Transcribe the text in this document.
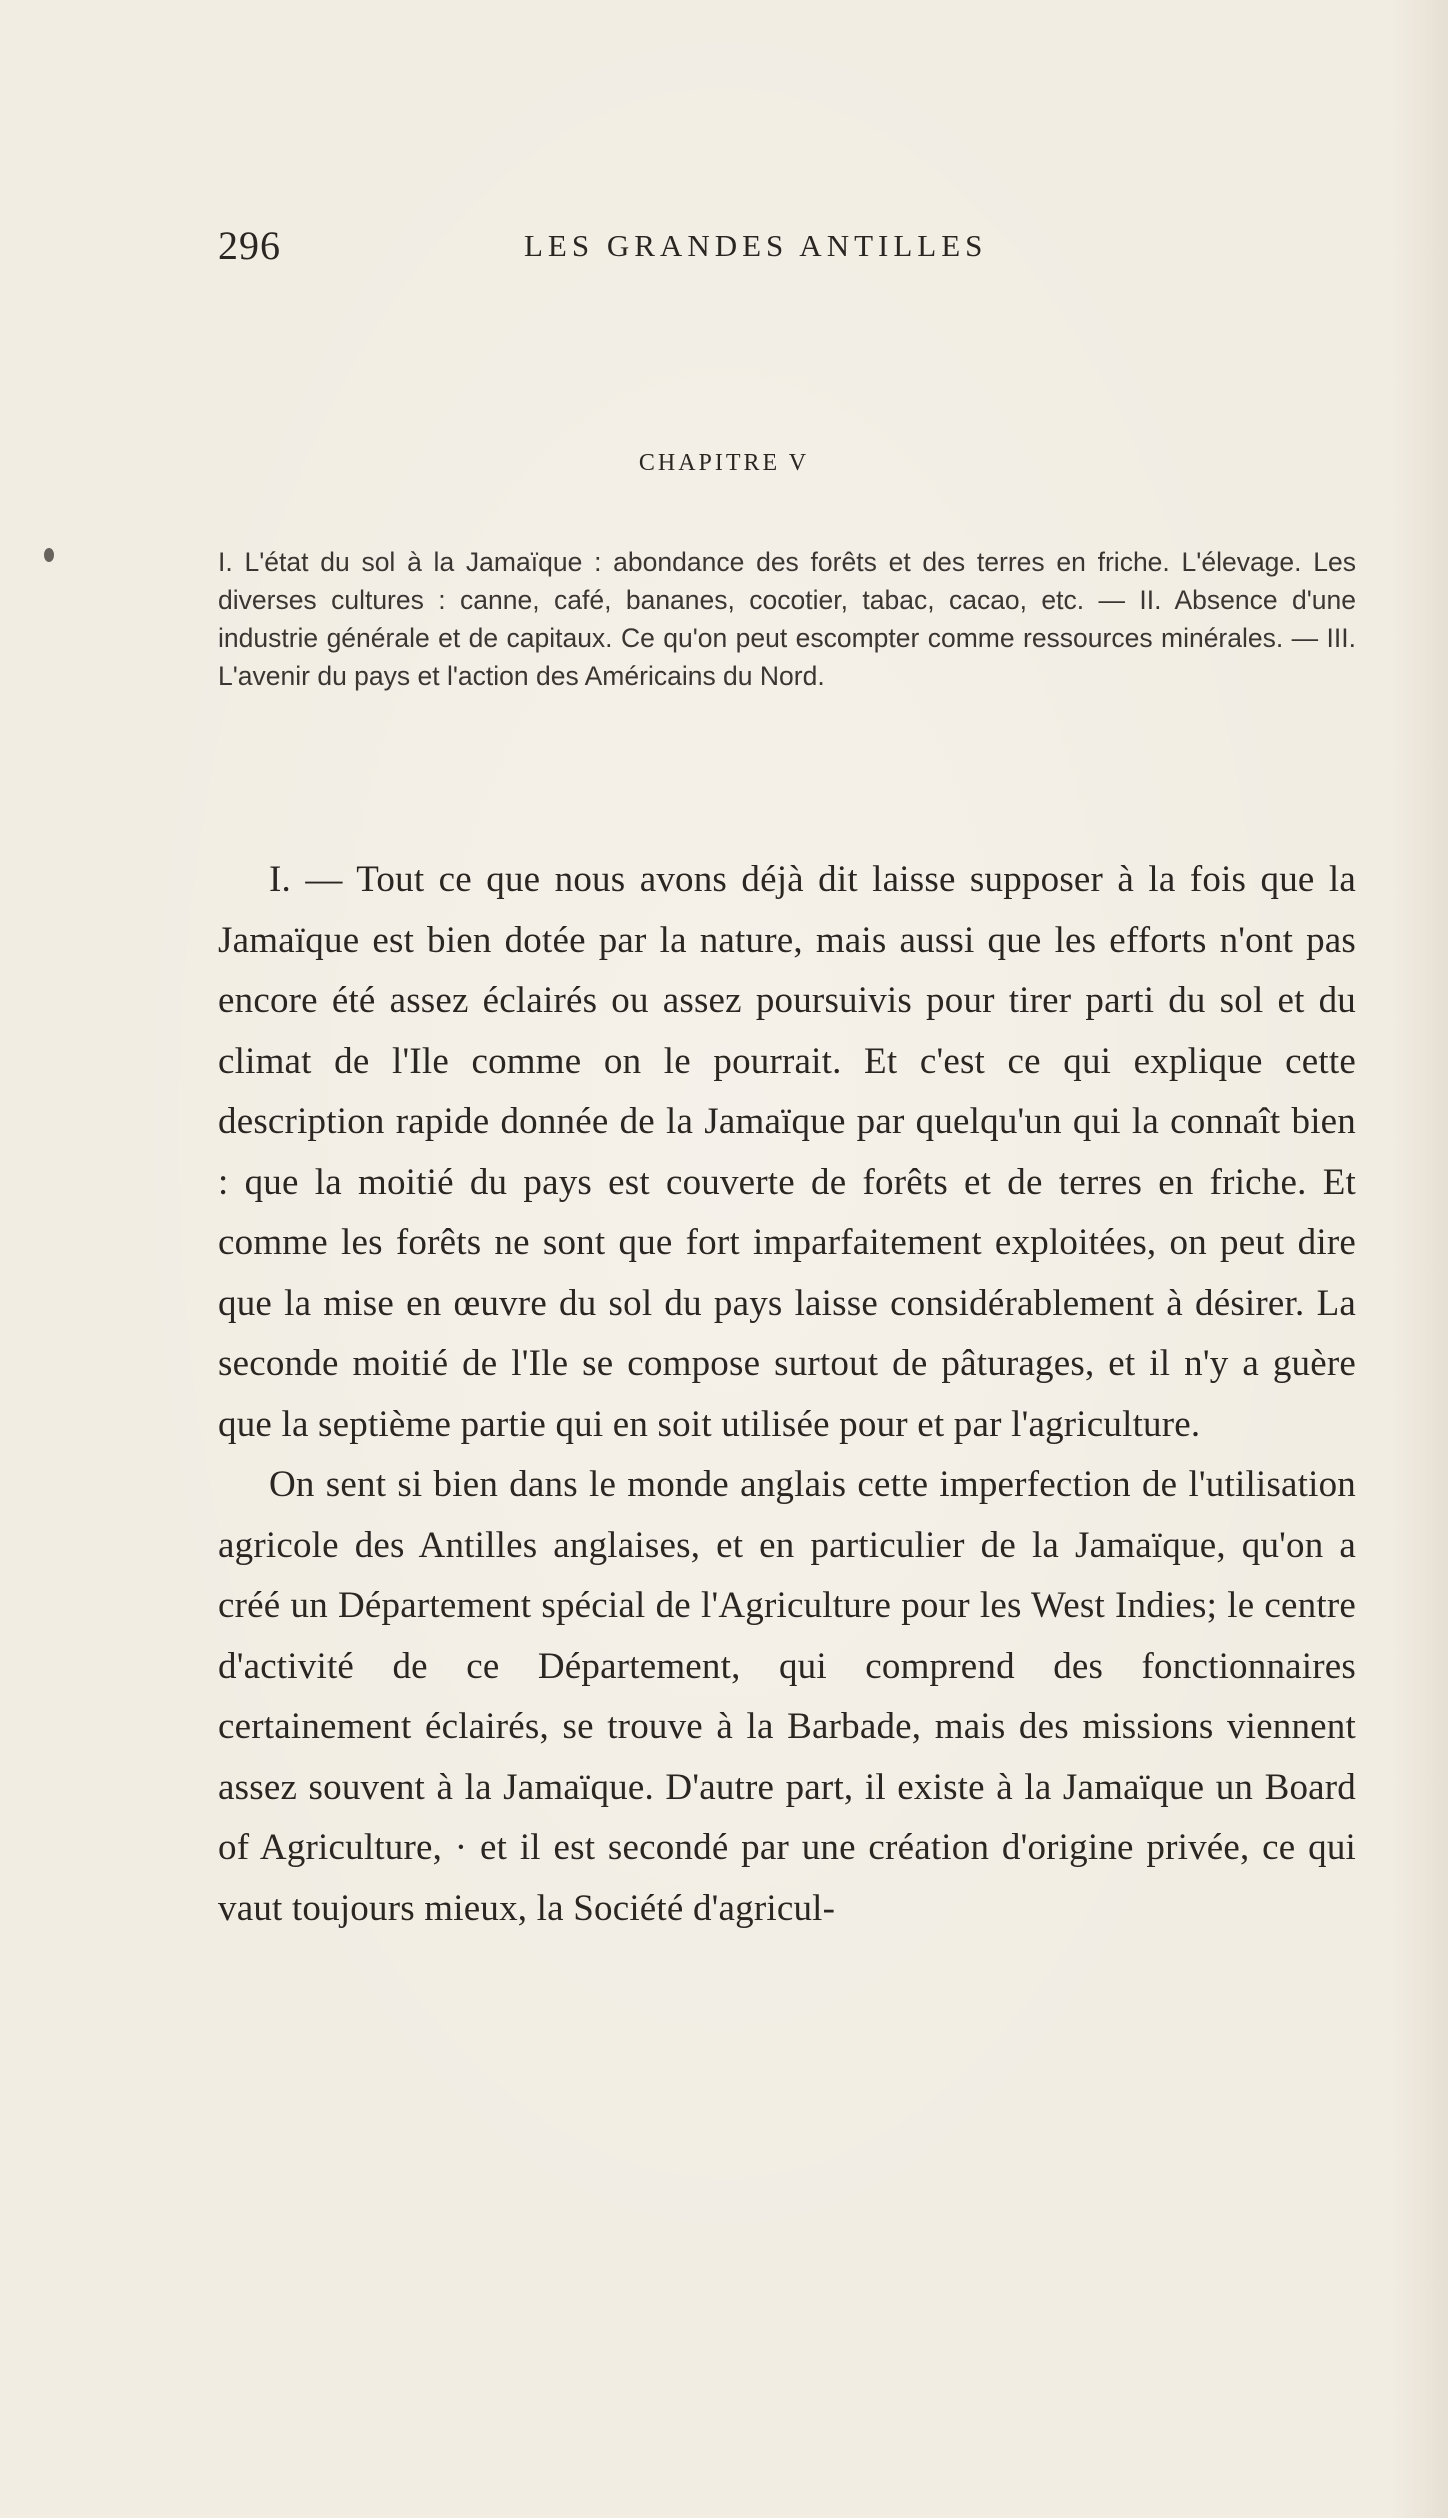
296	LES GRANDES ANTILLES
CHAPITRE V

I. L'état du sol à la Jamaïque : abondance des forêts et des terres en friche. L'élevage. Les diverses cultures : canne, café, bananes, cocotier, tabac, cacao, etc. — II. Absence d'une industrie générale et de capitaux. Ce qu'on peut escompter comme ressources minérales. — III. L'avenir du pays et l'action des Américains du Nord.

I. — Tout ce que nous avons déjà dit laisse supposer à la fois que la Jamaïque est bien dotée par la nature, mais aussi que les efforts n'ont pas encore été assez éclairés ou assez poursuivis pour tirer parti du sol et du climat de l'Ile comme on le pourrait. Et c'est ce qui explique cette description rapide donnée de la Jamaïque par quelqu'un qui la connaît bien : que la moitié du pays est couverte de forêts et de terres en friche. Et comme les forêts ne sont que fort imparfaitement exploitées, on peut dire que la mise en œuvre du sol du pays laisse considérablement à désirer. La seconde moitié de l'Ile se compose surtout de pâturages, et il n'y a guère que la septième partie qui en soit utilisée pour et par l'agriculture.

On sent si bien dans le monde anglais cette imperfection de l'utilisation agricole des Antilles anglaises, et en particulier de la Jamaïque, qu'on a créé un Département spécial de l'Agriculture pour les West Indies; le centre d'activité de ce Département, qui comprend des fonctionnaires certainement éclairés, se trouve à la Barbade, mais des missions viennent assez souvent à la Jamaïque. D'autre part, il existe à la Jamaïque un Board of Agriculture, · et il est secondé par une création d'origine privée, ce qui vaut toujours mieux, la Société d'agricul-
